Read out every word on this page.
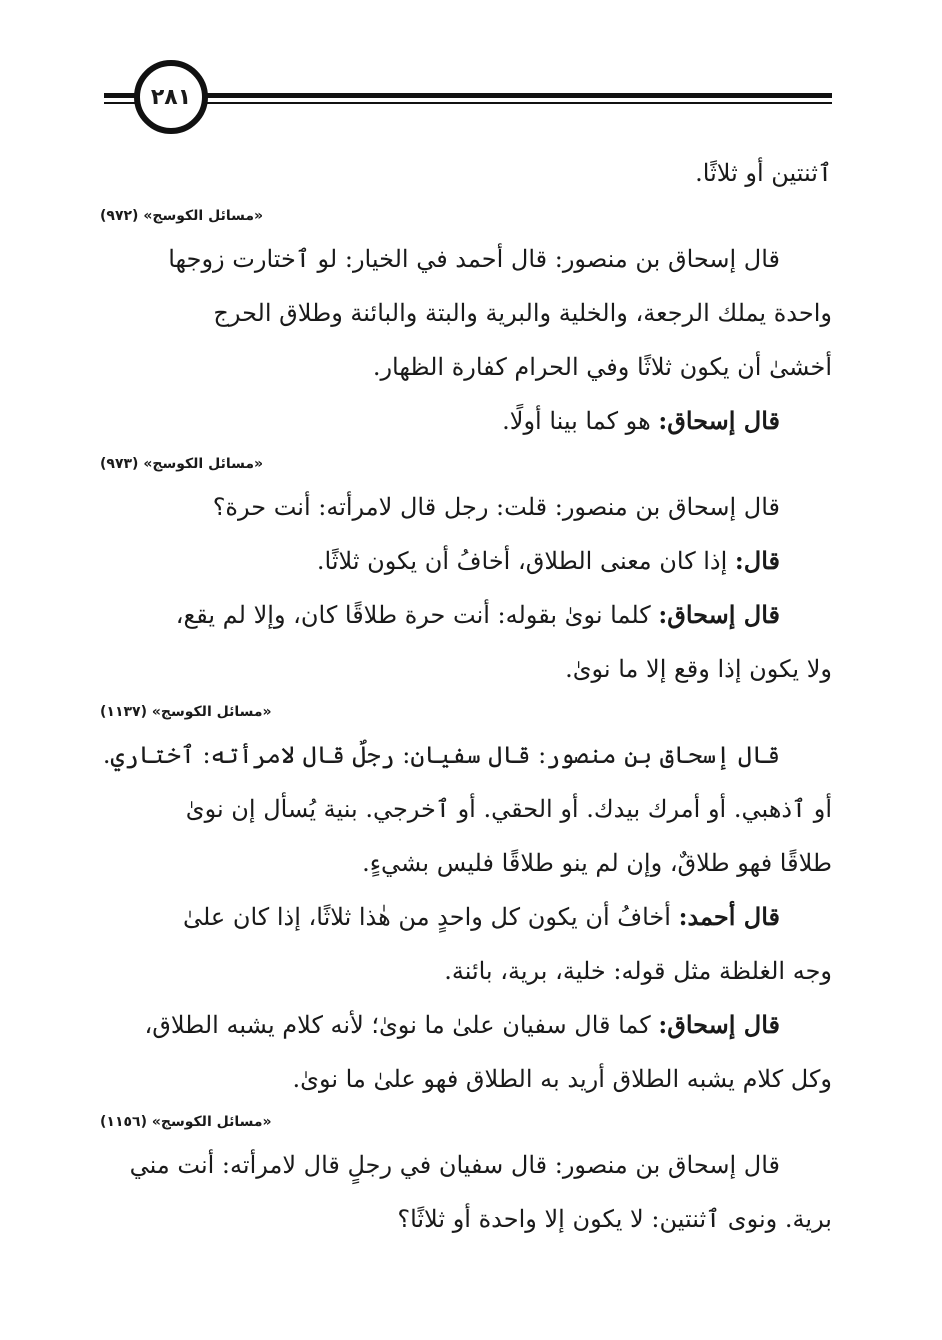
٢٨١
ٱثنتين أو ثلاثًا.
«مسائل الكوسج» (٩٧٢)
قال إسحاق بن منصور: قال أحمد في الخيار: لو ٱختارت زوجها
واحدة يملك الرجعة، والخلية والبرية والبتة والبائنة وطلاق الحرج
أخشىٰ أن يكون ثلاثًا وفي الحرام كفارة الظهار.
قال إسحاق: هو كما بينا أولًا.
«مسائل الكوسج» (٩٧٣)
قال إسحاق بن منصور: قلت: رجل قال لامرأته: أنت حرة؟
قال: إذا كان معنى الطلاق، أخافُ أن يكون ثلاثًا.
قال إسحاق: كلما نوىٰ بقوله: أنت حرة طلاقًا كان، وإلا لم يقع،
ولا يكون إذا وقع إلا ما نوىٰ.
«مسائل الكوسج» (١١٣٧)
قال إسحاق بن منصور: قال سفيان: رجلٌ قال لامرأته: ٱختاري.
أو ٱذهبي. أو أمرك بيدك. أو الحقي. أو ٱخرجي. بنية يُسأل إن نوىٰ
طلاقًا فهو طلاقٌ، وإن لم ينو طلاقًا فليس بشيءٍ.
قال أحمد: أخافُ أن يكون كل واحدٍ من هٰذا ثلاثًا، إذا كان علىٰ
وجه الغلظة مثل قوله: خلية، برية، بائنة.
قال إسحاق: كما قال سفيان علىٰ ما نوىٰ؛ لأنه كلام يشبه الطلاق،
وكل كلام يشبه الطلاق أريد به الطلاق فهو علىٰ ما نوىٰ.
«مسائل الكوسج» (١١٥٦)
قال إسحاق بن منصور: قال سفيان في رجلٍ قال لامرأته: أنت مني
برية. ونوى ٱثنتين: لا يكون إلا واحدة أو ثلاثًا؟
